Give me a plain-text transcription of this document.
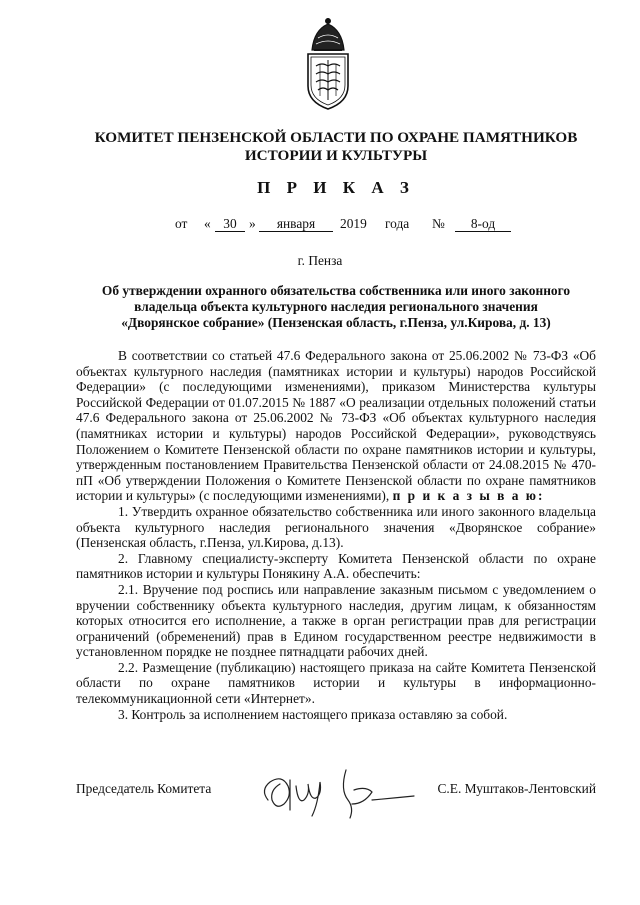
КОМИТЕТ ПЕНЗЕНСКОЙ ОБЛАСТИ ПО ОХРАНЕ ПАМЯТНИКОВ
ИСТОРИИ И КУЛЬТУРЫ
П Р И К А З
от « 30 »	января	2019 года №	8-од
г. Пенза
Об утверждении охранного обязательства собственника или иного законного
владельца объекта культурного наследия регионального значения
«Дворянское собрание» (Пензенская область, г.Пенза, ул.Кирова, д. 13)

В соответствии со статьей 47.6 Федерального закона от 25.06.2002 № 73-ФЗ «Об объектах культурного наследия (памятниках истории и культуры) народов Российской Федерации» (с последующими изменениями), приказом Министерства культуры Российской Федерации от 01.07.2015 № 1887 «О реализации отдельных положений статьи 47.6 Федерального закона от 25.06.2002 № 73-ФЗ «Об объектах культурного наследия (памятниках истории и культуры) народов Российской Федерации», руководствуясь Положением о Комитете Пензенской области по охране памятников истории и культуры, утвержденным постановлением Правительства Пензенской области от 24.08.2015 № 470-пП «Об утверждении Положения о Комитете Пензенской области по охране памятников истории и культуры» (с последующими изменениями), п р и к а з ы в а ю:

1. Утвердить охранное обязательство собственника или иного законного владельца объекта культурного наследия регионального значения «Дворянское собрание» (Пензенская область, г.Пенза, ул.Кирова, д.13).

2. Главному специалисту-эксперту Комитета Пензенской области по охране памятников истории и культуры Понякину А.А. обеспечить:

2.1. Вручение под роспись или направление заказным письмом с уведомлением о вручении собственнику объекта культурного наследия, другим лицам, к обязанностям которых относится его исполнение, а также в орган регистрации прав для регистрации ограничений (обременений) прав в Едином государственном реестре недвижимости в установленном порядке не позднее пятнадцати рабочих дней.

2.2. Размещение (публикацию) настоящего приказа на сайте Комитета Пензенской области по охране памятников истории и культуры в информационно-телекоммуникационной сети «Интернет».

3. Контроль за исполнением настоящего приказа оставляю за собой.

Председатель Комитета	С.Е. Муштаков-Лентовский
